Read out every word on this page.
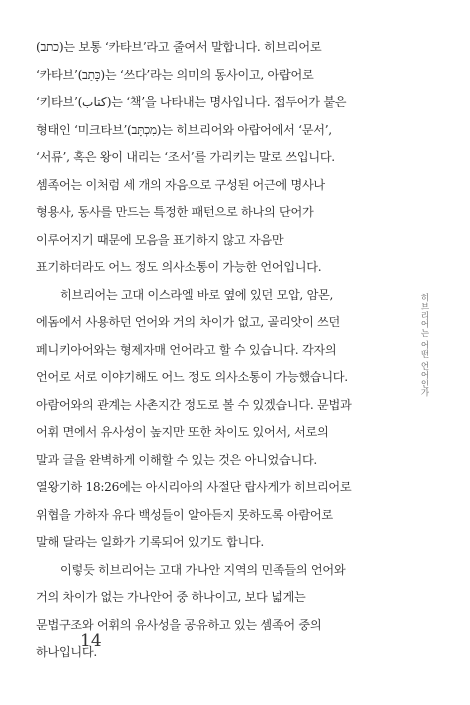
(כתב)는 보통 ‘카타브’라고 줄여서 말합니다. 히브리어로
‘카타브’(כָּתַב)는 ‘쓰다’라는 의미의 동사이고, 아랍어로
‘키타브’(كتاب)는 ‘책’을 나타내는 명사입니다. 접두어가 붙은
형태인 ‘미크타브’(מִכְתָּב)는 히브리어와 아랍어에서 ‘문서’,
‘서류’, 혹은 왕이 내리는 ‘조서’를 가리키는 말로 쓰입니다.
셈족어는 이처럼 세 개의 자음으로 구성된 어근에 명사나
형용사, 동사를 만드는 특정한 패턴으로 하나의 단어가
이루어지기 때문에 모음을 표기하지 않고 자음만
표기하더라도 어느 정도 의사소통이 가능한 언어입니다.

히브리어는 고대 이스라엘 바로 옆에 있던 모압, 암몬,
에돔에서 사용하던 언어와 거의 차이가 없고, 골리앗이 쓰던
페니키아어와는 형제자매 언어라고 할 수 있습니다. 각자의
언어로 서로 이야기해도 어느 정도 의사소통이 가능했습니다.
아람어와의 관계는 사촌지간 정도로 볼 수 있겠습니다. 문법과
어휘 면에서 유사성이 높지만 또한 차이도 있어서, 서로의
말과 글을 완벽하게 이해할 수 있는 것은 아니었습니다.
열왕기하 18:26에는 아시리아의 사절단 랍사게가 히브리어로
위협을 가하자 유다 백성들이 알아듣지 못하도록 아람어로
말해 달라는 일화가 기록되어 있기도 합니다.

이렇듯 히브리어는 고대 가나안 지역의 민족들의 언어와
거의 차이가 없는 가나안어 중 하나이고, 보다 넓게는
문법구조와 어휘의 유사성을 공유하고 있는 셈족어 중의
하나입니다.

히브리어는 어떤 언어인가
14
